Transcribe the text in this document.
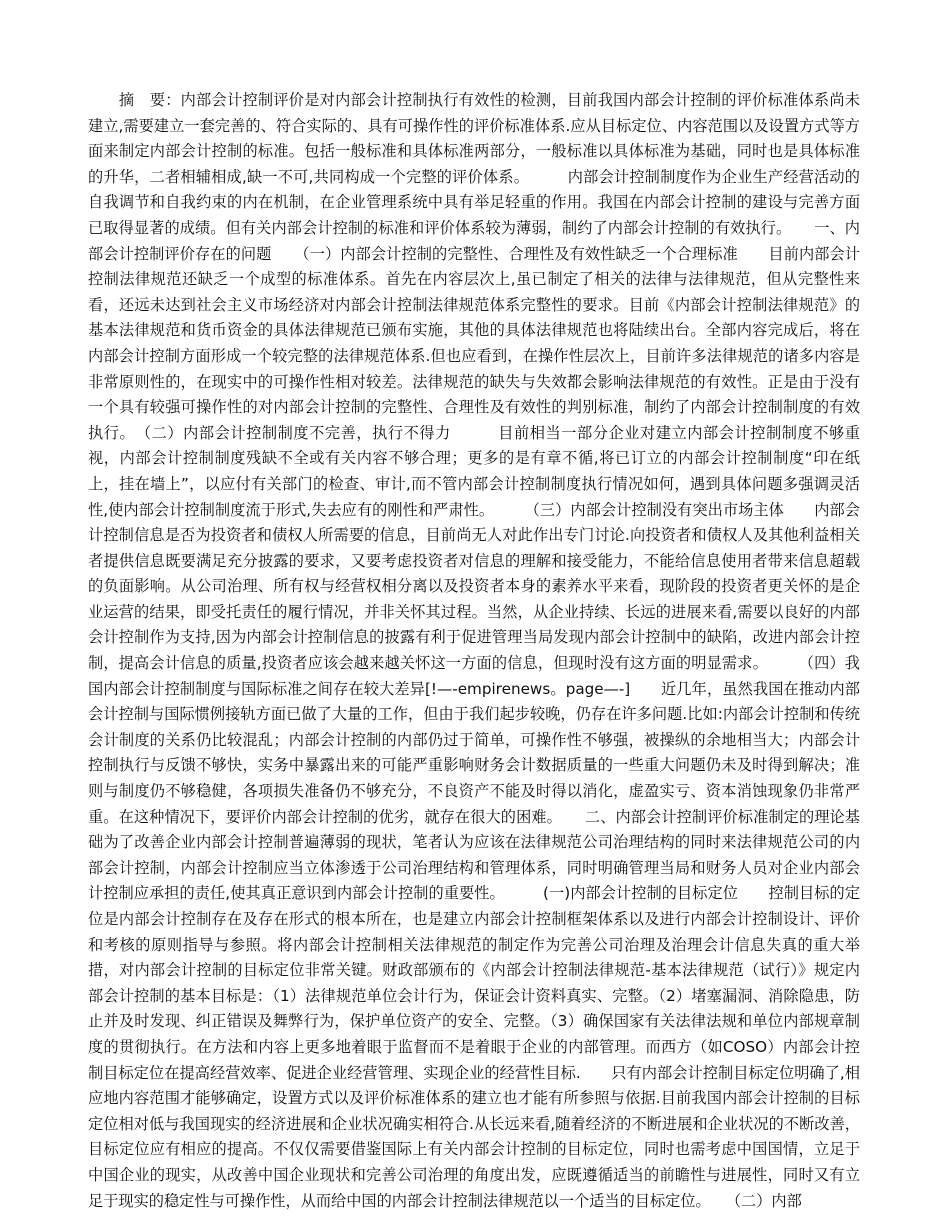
　　摘　要：内部会计控制评价是对内部会计控制执行有效性的检测，目前我国内部会计控制的评价标准体系尚未建立,需要建立一套完善的、符合实际的、具有可操作性的评价标准体系.应从目标定位、内容范围以及设置方式等方面来制定内部会计控制的标准。包括一般标准和具体标准两部分，一般标准以具体标准为基础，同时也是具体标准的升华，二者相辅相成,缺一不可,共同构成一个完整的评价体系。　　　内部会计控制制度作为企业生产经营活动的自我调节和自我约束的内在机制，在企业管理系统中具有举足轻重的作用。我国在内部会计控制的建设与完善方面已取得显著的成绩。但有关内部会计控制的标准和评价体系较为薄弱，制约了内部会计控制的有效执行。　　一、内部会计控制评价存在的问题　　（一）内部会计控制的完整性、合理性及有效性缺乏一个合理标准　　目前内部会计控制法律规范还缺乏一个成型的标准体系。首先在内容层次上,虽已制定了相关的法律与法律规范，但从完整性来看，还远未达到社会主义市场经济对内部会计控制法律规范体系完整性的要求。目前《内部会计控制法律规范》的基本法律规范和货币资金的具体法律规范已颁布实施，其他的具体法律规范也将陆续出台。全部内容完成后，将在内部会计控制方面形成一个较完整的法律规范体系.但也应看到，在操作性层次上，目前许多法律规范的诸多内容是非常原则性的，在现实中的可操作性相对较差。法律规范的缺失与失效都会影响法律规范的有效性。正是由于没有一个具有较强可操作性的对内部会计控制的完整性、合理性及有效性的判别标准，制约了内部会计控制制度的有效执行。　（二）内部会计控制制度不完善，执行不得力　　　目前相当一部分企业对建立内部会计控制制度不够重视，内部会计控制制度残缺不全或有关内容不够合理；更多的是有章不循,将已订立的内部会计控制制度“印在纸上，挂在墙上”，以应付有关部门的检查、审计,而不管内部会计控制制度执行情况如何，遇到具体问题多强调灵活性,使内部会计控制制度流于形式,失去应有的刚性和严肃性。　　　（三）内部会计控制没有突出市场主体　　内部会计控制信息是否为投资者和债权人所需要的信息，目前尚无人对此作出专门讨论.向投资者和债权人及其他利益相关者提供信息既要满足充分披露的要求，又要考虑投资者对信息的理解和接受能力，不能给信息使用者带来信息超载的负面影响。从公司治理、所有权与经营权相分离以及投资者本身的素养水平来看，现阶段的投资者更关怀的是企业运营的结果，即受托责任的履行情况，并非关怀其过程。当然，从企业持续、长远的进展来看,需要以良好的内部会计控制作为支持,因为内部会计控制信息的披露有利于促进管理当局发现内部会计控制中的缺陷，改进内部会计控制，提高会计信息的质量,投资者应该会越来越关怀这一方面的信息，但现时没有这方面的明显需求。　　　（四）我国内部会计控制制度与国际标准之间存在较大差异[!—-empirenews。page—-]　　近几年，虽然我国在推动内部会计控制与国际惯例接轨方面已做了大量的工作，但由于我们起步较晚，仍存在许多问题.比如:内部会计控制和传统会计制度的关系仍比较混乱；内部会计控制的内部仍过于简单，可操作性不够强，被操纵的余地相当大；内部会计控制执行与反馈不够快，实务中暴露出来的可能严重影响财务会计数据质量的一些重大问题仍未及时得到解决；准则与制度仍不够稳健，各项损失准备仍不够充分，不良资产不能及时得以消化，虚盈实亏、资本消蚀现象仍非常严重。在这种情况下，要评价内部会计控制的优劣，就存在很大的困难。　　二、内部会计控制评价标准制定的理论基础为了改善企业内部会计控制普遍薄弱的现状，笔者认为应该在法律规范公司治理结构的同时来法律规范公司的内部会计控制，内部会计控制应当立体渗透于公司治理结构和管理体系，同时明确管理当局和财务人员对企业内部会计控制应承担的责任,使其真正意识到内部会计控制的重要性。　　　(一)内部会计控制的目标定位　　控制目标的定位是内部会计控制存在及存在形式的根本所在，也是建立内部会计控制框架体系以及进行内部会计控制设计、评价和考核的原则指导与参照。将内部会计控制相关法律规范的制定作为完善公司治理及治理会计信息失真的重大举措，对内部会计控制的目标定位非常关键。财政部颁布的《内部会计控制法律规范-基本法律规范（试行）》规定内部会计控制的基本目标是：（1）法律规范单位会计行为，保证会计资料真实、完整。（2）堵塞漏洞、消除隐患，防止并及时发现、纠正错误及舞弊行为，保护单位资产的安全、完整。（3）确保国家有关法律法规和单位内部规章制度的贯彻执行。在方法和内容上更多地着眼于监督而不是着眼于企业的内部管理。而西方（如COSO）内部会计控制目标定位在提高经营效率、促进企业经营管理、实现企业的经营性目标.　　只有内部会计控制目标定位明确了,相应地内容范围才能够确定，设置方式以及评价标准体系的建立也才能有所参照与依据.目前我国内部会计控制的目标定位相对低与我国现实的经济进展和企业状况确实相符合.从长远来看,随着经济的不断进展和企业状况的不断改善，目标定位应有相应的提高。不仅仅需要借鉴国际上有关内部会计控制的目标定位，同时也需考虑中国国情，立足于中国企业的现实，从改善中国企业现状和完善公司治理的角度出发，应既遵循适当的前瞻性与进展性，同时又有立足于现实的稳定性与可操作性，从而给中国的内部会计控制法律规范以一个适当的目标定位。　　（二）内部
